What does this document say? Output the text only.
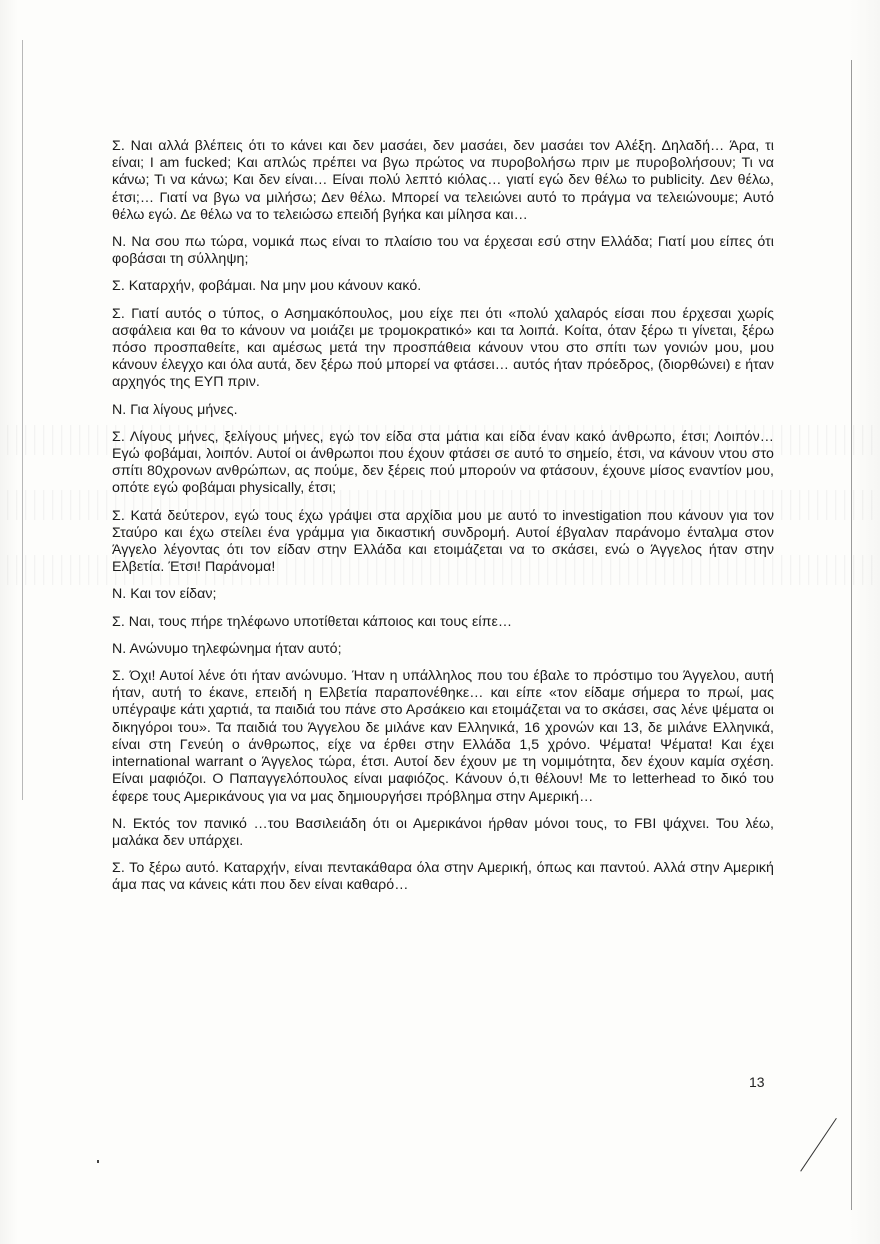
Σ. Ναι αλλά βλέπεις ότι το κάνει και δεν μασάει, δεν μασάει, δεν μασάει τον Αλέξη. Δηλαδή… Άρα, τι είναι; I am fucked; Και απλώς πρέπει να βγω πρώτος να πυροβολήσω πριν με πυροβολήσουν; Τι να κάνω; Τι να κάνω; Και δεν είναι… Είναι πολύ λεπτό κιόλας… γιατί εγώ δεν θέλω το publicity. Δεν θέλω, έτσι;… Γιατί να βγω να μιλήσω; Δεν θέλω. Μπορεί να τελειώνει αυτό το πράγμα να τελειώνουμε; Αυτό θέλω εγώ. Δε θέλω να το τελειώσω επειδή βγήκα και μίλησα και…

Ν. Να σου πω τώρα, νομικά πως είναι το πλαίσιο του να έρχεσαι εσύ στην Ελλάδα; Γιατί μου είπες ότι φοβάσαι τη σύλληψη;

Σ. Καταρχήν, φοβάμαι. Να μην μου κάνουν κακό.

Σ. Γιατί αυτός ο τύπος, ο Ασημακόπουλος, μου είχε πει ότι «πολύ χαλαρός είσαι που έρχεσαι χωρίς ασφάλεια και θα το κάνουν να μοιάζει με τρομοκρατικό» και τα λοιπά. Κοίτα, όταν ξέρω τι γίνεται, ξέρω πόσο προσπαθείτε, και αμέσως μετά την προσπάθεια κάνουν ντου στο σπίτι των γονιών μου, μου κάνουν έλεγχο και όλα αυτά, δεν ξέρω πού μπορεί να φτάσει… αυτός ήταν πρόεδρος, (διορθώνει) ε ήταν αρχηγός της ΕΥΠ πριν.

Ν. Για λίγους μήνες.

Σ. Λίγους μήνες, ξελίγους μήνες, εγώ τον είδα στα μάτια και είδα έναν κακό άνθρωπο, έτσι; Λοιπόν… Εγώ φοβάμαι, λοιπόν. Αυτοί οι άνθρωποι που έχουν φτάσει σε αυτό το σημείο, έτσι, να κάνουν ντου στο σπίτι 80χρονων ανθρώπων, ας πούμε, δεν ξέρεις πού μπορούν να φτάσουν, έχουνε μίσος εναντίον μου, οπότε εγώ φοβάμαι physically, έτσι;

Σ. Κατά δεύτερον, εγώ τους έχω γράψει στα αρχίδια μου με αυτό το investigation που κάνουν για τον Σταύρο και έχω στείλει ένα γράμμα για δικαστική συνδρομή. Αυτοί έβγαλαν παράνομο ένταλμα στον Άγγελο λέγοντας ότι τον είδαν στην Ελλάδα και ετοιμάζεται να το σκάσει, ενώ ο Άγγελος ήταν στην Ελβετία. Έτσι! Παράνομα!

Ν. Και τον είδαν;

Σ. Ναι, τους πήρε τηλέφωνο υποτίθεται κάποιος και τους είπε…

Ν. Ανώνυμο τηλεφώνημα ήταν αυτό;

Σ. Όχι! Αυτοί λένε ότι ήταν ανώνυμο. Ήταν η υπάλληλος που του έβαλε το πρόστιμο του Άγγελου, αυτή ήταν, αυτή το έκανε, επειδή η Ελβετία παραπονέθηκε… και είπε «τον είδαμε σήμερα το πρωί, μας υπέγραψε κάτι χαρτιά, τα παιδιά του πάνε στο Αρσάκειο και ετοιμάζεται να το σκάσει, σας λένε ψέματα οι δικηγόροι του». Τα παιδιά του Άγγελου δε μιλάνε καν Ελληνικά, 16 χρονών και 13, δε μιλάνε Ελληνικά, είναι στη Γενεύη ο άνθρωπος, είχε να έρθει στην Ελλάδα 1,5 χρόνο. Ψέματα! Ψέματα! Και έχει international warrant ο Άγγελος τώρα, έτσι. Αυτοί δεν έχουν με τη νομιμότητα, δεν έχουν καμία σχέση. Είναι μαφιόζοι. Ο Παπαγγελόπουλος είναι μαφιόζος. Κάνουν ό,τι θέλουν! Με το letterhead το δικό του έφερε τους Αμερικάνους για να μας δημιουργήσει πρόβλημα στην Αμερική…

Ν. Εκτός τον πανικό …του Βασιλειάδη ότι οι Αμερικάνοι ήρθαν μόνοι τους, το FBI ψάχνει. Του λέω, μαλάκα δεν υπάρχει.

Σ. Το ξέρω αυτό. Καταρχήν, είναι πεντακάθαρα όλα στην Αμερική, όπως και παντού. Αλλά στην Αμερική άμα πας να κάνεις κάτι που δεν είναι καθαρό…

13
